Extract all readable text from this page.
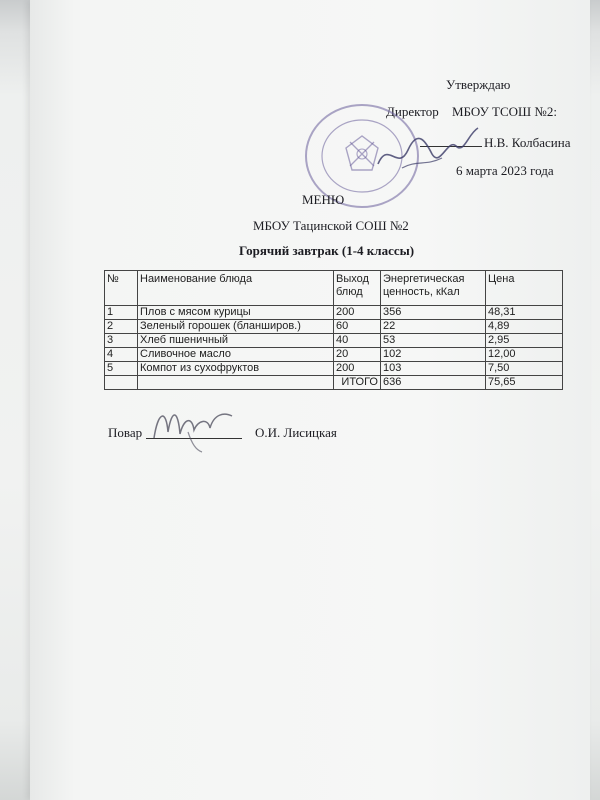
Утверждаю
Директор МБОУ ТСОШ №2:
Н.В. Колбасина
6 марта 2023 года
МЕНЮ
МБОУ Тацинской СОШ №2
Горячий завтрак (1-4 классы)
№	Наименование блюда	Выход блюд	Энергетическая ценность, кКал	Цена
1	Плов с мясом курицы	200	356	48,31
2	Зеленый горошек (бланширов.)	60	22	4,89
3	Хлеб пшеничный	40	53	2,95
4	Сливочное масло	20	102	12,00
5	Компот из сухофруктов	200	103	7,50
		ИТОГО	636	75,65
Повар	О.И. Лисицкая
